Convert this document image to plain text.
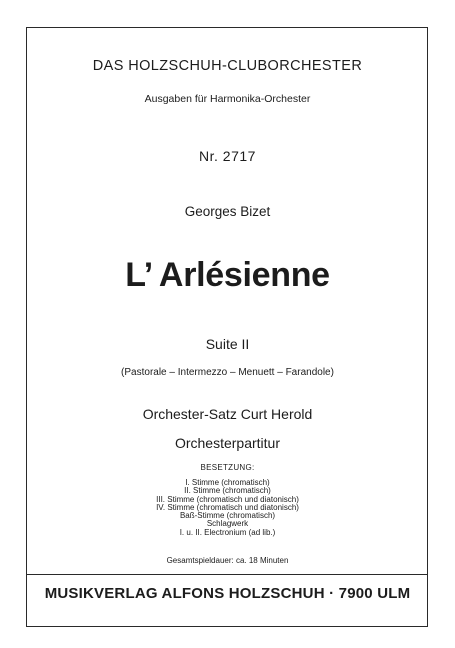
DAS HOLZSCHUH-CLUBORCHESTER
Ausgaben für Harmonika-Orchester
Nr. 2717
Georges Bizet
L’ Arlésienne
Suite II
(Pastorale – Intermezzo – Menuett – Farandole)
Orchester-Satz Curt Herold
Orchesterpartitur
BESETZUNG:
I. Stimme (chromatisch)
II. Stimme (chromatisch)
III. Stimme (chromatisch und diatonisch)
IV. Stimme (chromatisch und diatonisch)
Baß-Stimme (chromatisch)
Schlagwerk
I. u. II. Electronium (ad lib.)
Gesamtspieldauer: ca. 18 Minuten
MUSIKVERLAG ALFONS HOLZSCHUH · 7900 ULM
